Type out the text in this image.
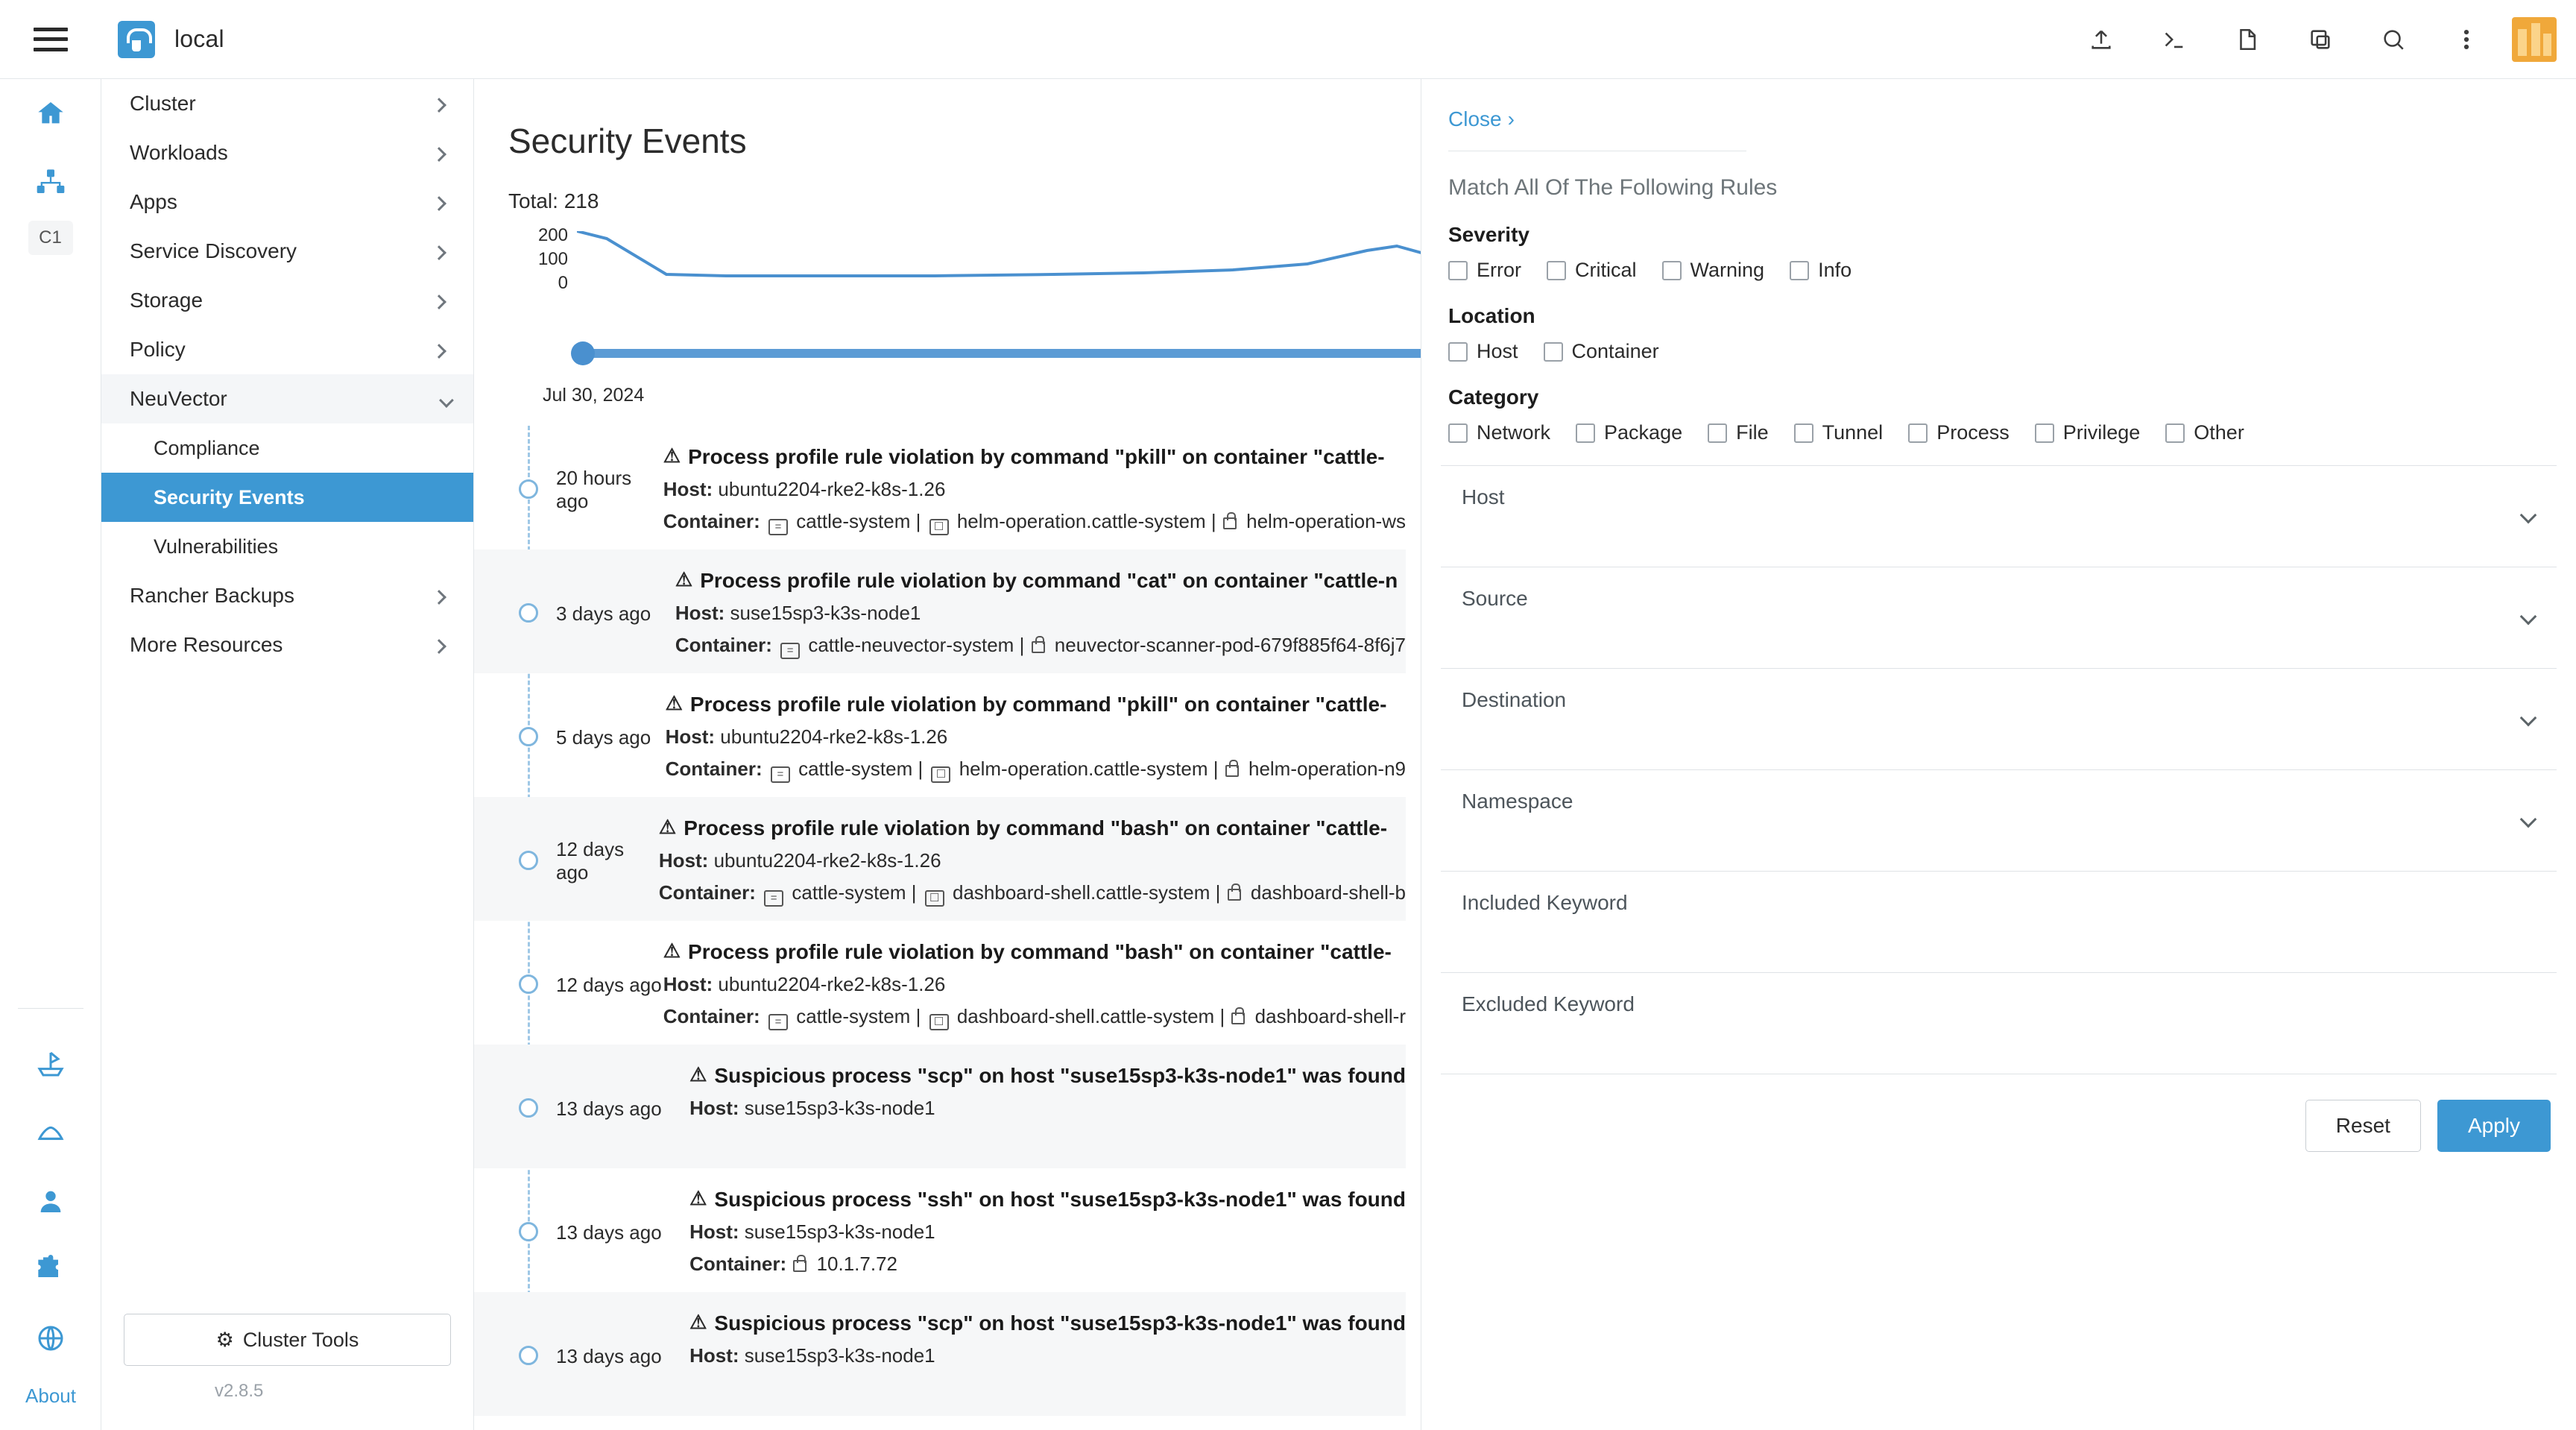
local
C1
About
Cluster
Workloads
Apps
Service Discovery
Storage
Policy
NeuVector
Compliance
Security Events
Vulnerabilities
Rancher Backups
More Resources
⚙ Cluster Tools
v2.8.5
Security Events
Total: 218
200
100
0
Jul 30, 2024
20 hours ago
⚠ Process profile rule violation by command "pkill" on container "cattle-
Host: ubuntu2204-rke2-k8s-1.26
Container: = cattle-system | ☐ helm-operation.cattle-system | helm-operation-ws
3 days ago
⚠ Process profile rule violation by command "cat" on container "cattle-n
Host: suse15sp3-k3s-node1
Container: = cattle-neuvector-system | neuvector-scanner-pod-679f885f64-8f6j7
5 days ago
⚠ Process profile rule violation by command "pkill" on container "cattle-
Host: ubuntu2204-rke2-k8s-1.26
Container: = cattle-system | ☐ helm-operation.cattle-system | helm-operation-n9
12 days ago
⚠ Process profile rule violation by command "bash" on container "cattle-
Host: ubuntu2204-rke2-k8s-1.26
Container: = cattle-system | ☐ dashboard-shell.cattle-system | dashboard-shell-b
12 days ago
⚠ Process profile rule violation by command "bash" on container "cattle-
Host: ubuntu2204-rke2-k8s-1.26
Container: = cattle-system | ☐ dashboard-shell.cattle-system | dashboard-shell-r
13 days ago
⚠ Suspicious process "scp" on host "suse15sp3-k3s-node1" was found
Host: suse15sp3-k3s-node1
13 days ago
⚠ Suspicious process "ssh" on host "suse15sp3-k3s-node1" was found
Host: suse15sp3-k3s-node1
Container: 10.1.7.72
13 days ago
⚠ Suspicious process "scp" on host "suse15sp3-k3s-node1" was found
Host: suse15sp3-k3s-node1
Close ›
Match All Of The Following Rules
Severity
Error	Critical	Warning	Info
Location
Host	Container
Category
Network	Package	File	Tunnel	Process	Privilege	Other
Host
Source
Destination
Namespace
Included Keyword
Excluded Keyword
Reset	Apply
